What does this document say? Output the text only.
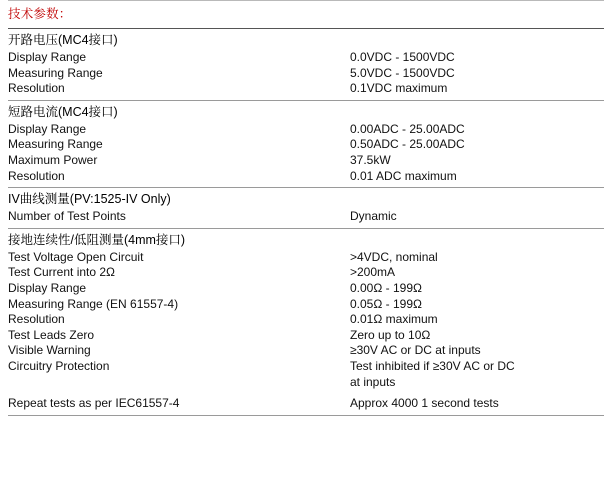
技术参数：
开路电压(MC4接口)
Display Range	0.0VDC - 1500VDC
Measuring Range	5.0VDC - 1500VDC
Resolution	0.1VDC maximum
短路电流(MC4接口)
Display Range	0.00ADC - 25.00ADC
Measuring Range	0.50ADC - 25.00ADC
Maximum Power	37.5kW
Resolution	0.01 ADC maximum
IV曲线测量(PV:1525-IV Only)
Number of Test Points	Dynamic
接地连续性/低阻测量(4mm接口)
Test Voltage Open Circuit	>4VDC, nominal
Test Current into 2Ω	>200mA
Display Range	0.00Ω - 199Ω
Measuring Range (EN 61557-4)	0.05Ω - 199Ω
Resolution	0.01Ω maximum
Test Leads Zero	Zero up to 10Ω
Visible Warning	≥30V AC or DC at inputs
Circuitry Protection	Test inhibited if ≥30V AC or DC
	at inputs

Repeat tests as per IEC61557-4	Approx 4000 1 second tests
